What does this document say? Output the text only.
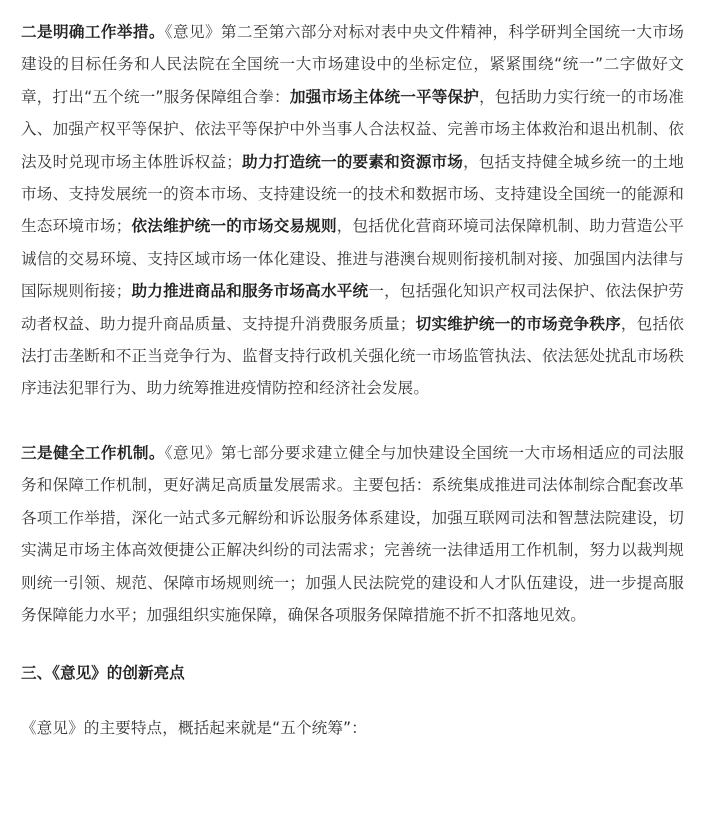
二是明确工作举措。《意见》第二至第六部分对标对表中央文件精神，科学研判全国统一大市场建设的目标任务和人民法院在全国统一大市场建设中的坐标定位，紧紧围绕“统一”二字做好文章，打出“五个统一”服务保障组合拳：加强市场主体统一平等保护，包括助力实行统一的市场准入、加强产权平等保护、依法平等保护中外当事人合法权益、完善市场主体救治和退出机制、依法及时兑现市场主体胜诉权益；助力打造统一的要素和资源市场，包括支持健全城乡统一的土地市场、支持发展统一的资本市场、支持建设统一的技术和数据市场、支持建设全国统一的能源和生态环境市场；依法维护统一的市场交易规则，包括优化营商环境司法保障机制、助力营造公平诚信的交易环境、支持区域市场一体化建设、推进与港澳台规则衔接机制对接、加强国内法律与国际规则衔接；助力推进商品和服务市场高水平统一，包括强化知识产权司法保护、依法保护劳动者权益、助力提升商品质量、支持提升消费服务质量；切实维护统一的市场竞争秩序，包括依法打击垄断和不正当竞争行为、监督支持行政机关强化统一市场监管执法、依法惩处扰乱市场秩序违法犯罪行为、助力统筹推进疫情防控和经济社会发展。

三是健全工作机制。《意见》第七部分要求建立健全与加快建设全国统一大市场相适应的司法服务和保障工作机制，更好满足高质量发展需求。主要包括：系统集成推进司法体制综合配套改革各项工作举措，深化一站式多元解纷和诉讼服务体系建设，加强互联网司法和智慧法院建设，切实满足市场主体高效便捷公正解决纠纷的司法需求；完善统一法律适用工作机制，努力以裁判规则统一引领、规范、保障市场规则统一；加强人民法院党的建设和人才队伍建设，进一步提高服务保障能力水平；加强组织实施保障，确保各项服务保障措施不折不扣落地见效。

三、《意见》的创新亮点

《意见》的主要特点，概括起来就是“五个统筹”：
